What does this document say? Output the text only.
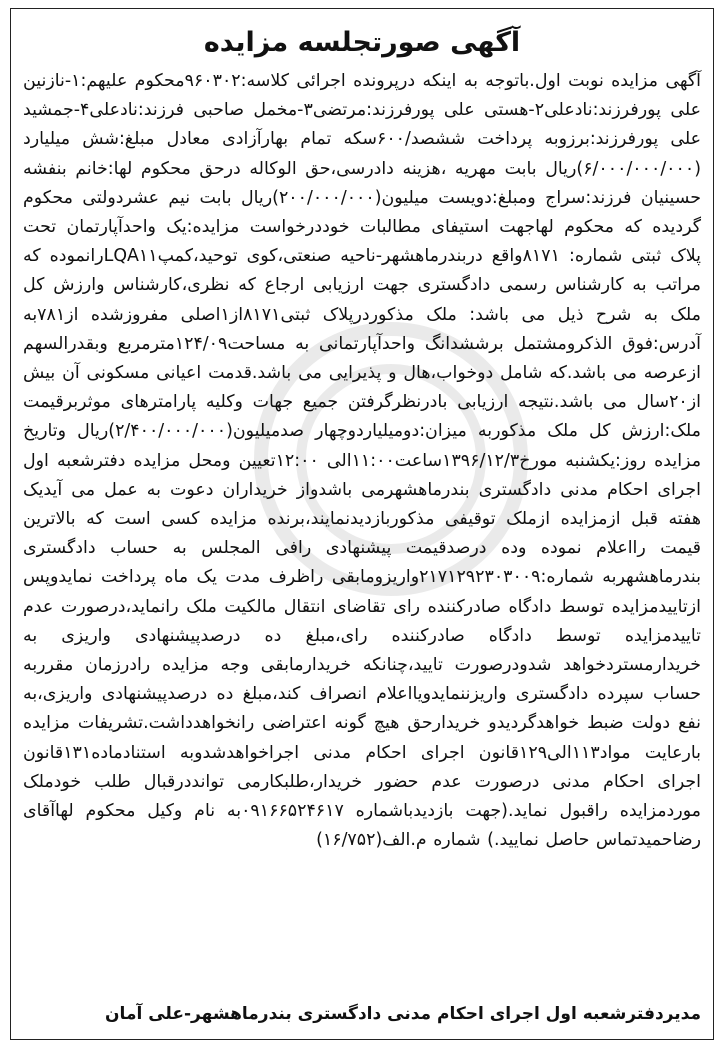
آگهی صورتجلسه مزایده

آگهی مزایده نوبت اول.باتوجه به اینکه درپرونده اجرائی کلاسه:۹۶۰۳۰۲محکوم علیهم:۱-نازنین علی پورفرزند:نادعلی۲-هستی علی پورفرزند:مرتضی۳-مخمل صاحبی فرزند:نادعلی۴-جمشید علی پورفرزند:برزوبه پرداخت ششصد/۶۰۰سکه تمام بهارآزادی معادل مبلغ:شش میلیارد (۶/۰۰۰/۰۰۰/۰۰۰)ریال بابت مهریه ،هزینه دادرسی،حق الوکاله درحق محکوم لها:خانم بنفشه حسینیان فرزند:سراج ومبلغ:دویست میلیون(۲۰۰/۰۰۰/۰۰۰)ریال بابت نیم عشردولتی محکوم گردیده که محکوم لهاجهت استیفای مطالبات خوددرخواست مزایده:یک واحدآپارتمان تحت پلاک ثبتی شماره: ۸۱۷۱واقع دربندرماهشهر-ناحیه صنعتی،کوی توحید،کمپLQA۱۱رانموده که مراتب به کارشناس رسمی دادگستری جهت ارزیابی ارجاع که نظری،کارشناس وارزش کل ملک به شرح ذیل می باشد: ملک مذکوردرپلاک ثبتی۸۱۷۱از۱اصلی مفروزشده از۷۸۱به آدرس:فوق الذکرومشتمل برششدانگ واحدآپارتمانی به مساحت۱۲۴/۰۹مترمربع وبقدرالسهم ازعرصه می باشد.که شامل دوخواب،هال و پذیرایی می باشد.قدمت اعیانی مسکونی آن بیش از۲۰سال می باشد.نتیجه ارزیابی بادرنظرگرفتن جمیع جهات وکلیه پارامترهای موثربرقیمت ملک:ارزش کل ملک مذکوربه میزان:دومیلیاردوچهار صدمیلیون(۲/۴۰۰/۰۰۰/۰۰۰)ریال وتاریخ مزایده روز:یکشنبه مورخ۱۳۹۶/۱۲/۳ساعت۱۱:۰۰الی ۱۲:۰۰تعیین ومحل مزایده دفترشعبه اول اجرای احکام مدنی دادگستری بندرماهشهرمی باشدواز خریداران دعوت به عمل می آیدیک هفته قبل ازمزایده ازملک توقیفی مذکوربازدیدنمایند،برنده مزایده کسی است که بالاترین قیمت رااعلام نموده وده درصدقیمت پیشنهادی رافی المجلس به حساب دادگستری بندرماهشهربه شماره:۲۱۷۱۲۹۲۳۰۳۰۰۹واریزومابقی راظرف مدت یک ماه پرداخت نمایدوپس ازتاییدمزایده توسط دادگاه صادرکننده رای تقاضای انتقال مالکیت ملک رانماید،درصورت عدم تاییدمزایده توسط دادگاه صادرکننده رای،مبلغ ده درصدپیشنهادی واریزی به خریدارمستردخواهد شدودرصورت تایید،چنانکه خریدارمابقی وجه مزایده رادرزمان مقرربه حساب سپرده دادگستری واریزننمایدویااعلام انصراف کند،مبلغ ده درصدپیشنهادی واریزی،به نفع دولت ضبط خواهدگردیدو خریدارحق هیچ گونه اعتراضی رانخواهدداشت.تشریفات مزایده بارعایت مواد۱۱۳الی۱۲۹قانون اجرای احکام مدنی اجراخواهدشدوبه استنادماده۱۳۱قانون اجرای احکام مدنی درصورت عدم حضور خریدار،طلبکارمی توانددرقبال طلب خودملک موردمزایده راقبول نماید.(جهت بازدیدباشماره ۰۹۱۶۶۵۲۴۶۱۷به نام وکیل محکوم لهاآقای رضاحمیدتماس حاصل نمایید.) شماره م.الف(۱۶/۷۵۲)

مدیردفترشعبه اول اجرای احکام مدنی دادگستری بندرماهشهر-علی آمان
